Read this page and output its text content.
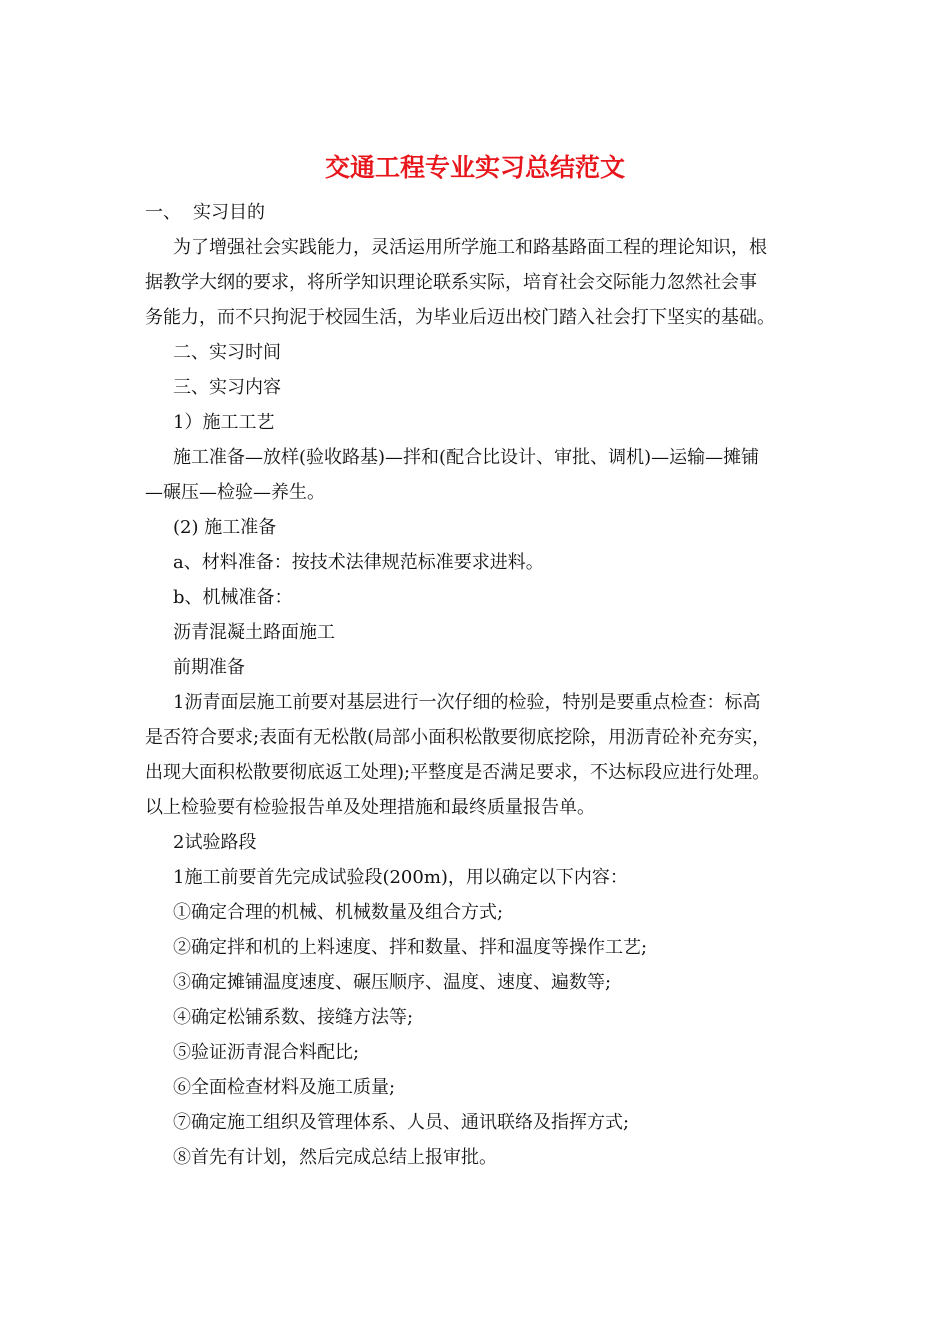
交通工程专业实习总结范文

一、 实习目的

为了增强社会实践能力，灵活运用所学施工和路基路面工程的理论知识，根

据教学大纲的要求，将所学知识理论联系实际，培育社会交际能力忽然社会事

务能力，而不只拘泥于校园生活，为毕业后迈出校门踏入社会打下坚实的基础。

二、实习时间

三、实习内容

1）施工工艺

施工准备—放样(验收路基)—拌和(配合比设计、审批、调机)—运输—摊铺

—碾压—检验—养生。

(2) 施工准备

a、材料准备：按技术法律规范标准要求进料。

b、机械准备：

沥青混凝土路面施工

前期准备

1沥青面层施工前要对基层进行一次仔细的检验，特别是要重点检查：标高

是否符合要求;表面有无松散(局部小面积松散要彻底挖除，用沥青砼补充夯实，

出现大面积松散要彻底返工处理);平整度是否满足要求，不达标段应进行处理。

以上检验要有检验报告单及处理措施和最终质量报告单。

2试验路段

1施工前要首先完成试验段(200m)，用以确定以下内容：

①确定合理的机械、机械数量及组合方式;

②确定拌和机的上料速度、拌和数量、拌和温度等操作工艺;

③确定摊铺温度速度、碾压顺序、温度、速度、遍数等;

④确定松铺系数、接缝方法等;

⑤验证沥青混合料配比;

⑥全面检查材料及施工质量;

⑦确定施工组织及管理体系、人员、通讯联络及指挥方式;

⑧首先有计划，然后完成总结上报审批。
